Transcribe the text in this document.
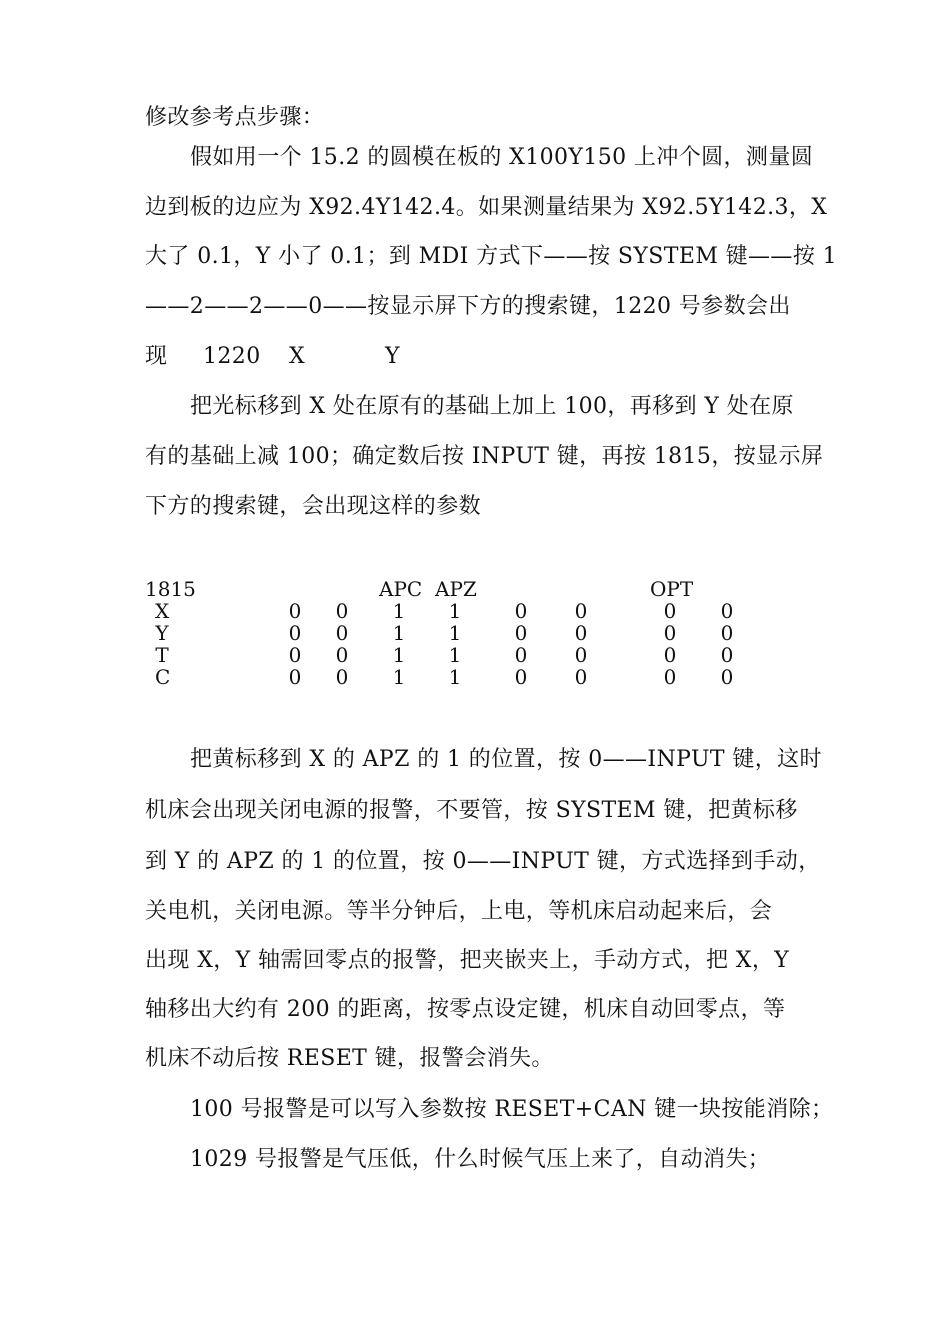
修改参考点步骤：
假如用一个 15.2 的圆模在板的 X100Y150 上冲个圆，测量圆
边到板的边应为 X92.4Y142.4。如果测量结果为 X92.5Y142.3，X
大了 0.1，Y 小了 0.1；到 MDI 方式下——按 SYSTEM 键——按 1
——2——2——0——按显示屏下方的搜索键，1220 号参数会出
现 1220 X	Y
把光标移到 X 处在原有的基础上加上 100，再移到 Y 处在原
有的基础上减 100；确定数后按 INPUT 键，再按 1815，按显示屏
下方的搜索键，会出现这样的参数
1815	APC APZ	OPT
X	0	0	1	1	0	0	0	0
Y	0	0	1	1	0	0	0	0
T	0	0	1	1	0	0	0	0
C	0	0	1	1	0	0	0	0
把黄标移到 X 的 APZ 的 1 的位置，按 0——INPUT 键，这时
机床会出现关闭电源的报警，不要管，按 SYSTEM 键，把黄标移
到 Y 的 APZ 的 1 的位置，按 0——INPUT 键，方式选择到手动，
关电机，关闭电源。等半分钟后，上电，等机床启动起来后，会
出现 X，Y 轴需回零点的报警，把夹嵌夹上，手动方式，把 X，Y
轴移出大约有 200 的距离，按零点设定键，机床自动回零点，等
机床不动后按 RESET 键，报警会消失。
100 号报警是可以写入参数按 RESET+CAN 键一块按能消除；
1029 号报警是气压低，什么时候气压上来了，自动消失；
